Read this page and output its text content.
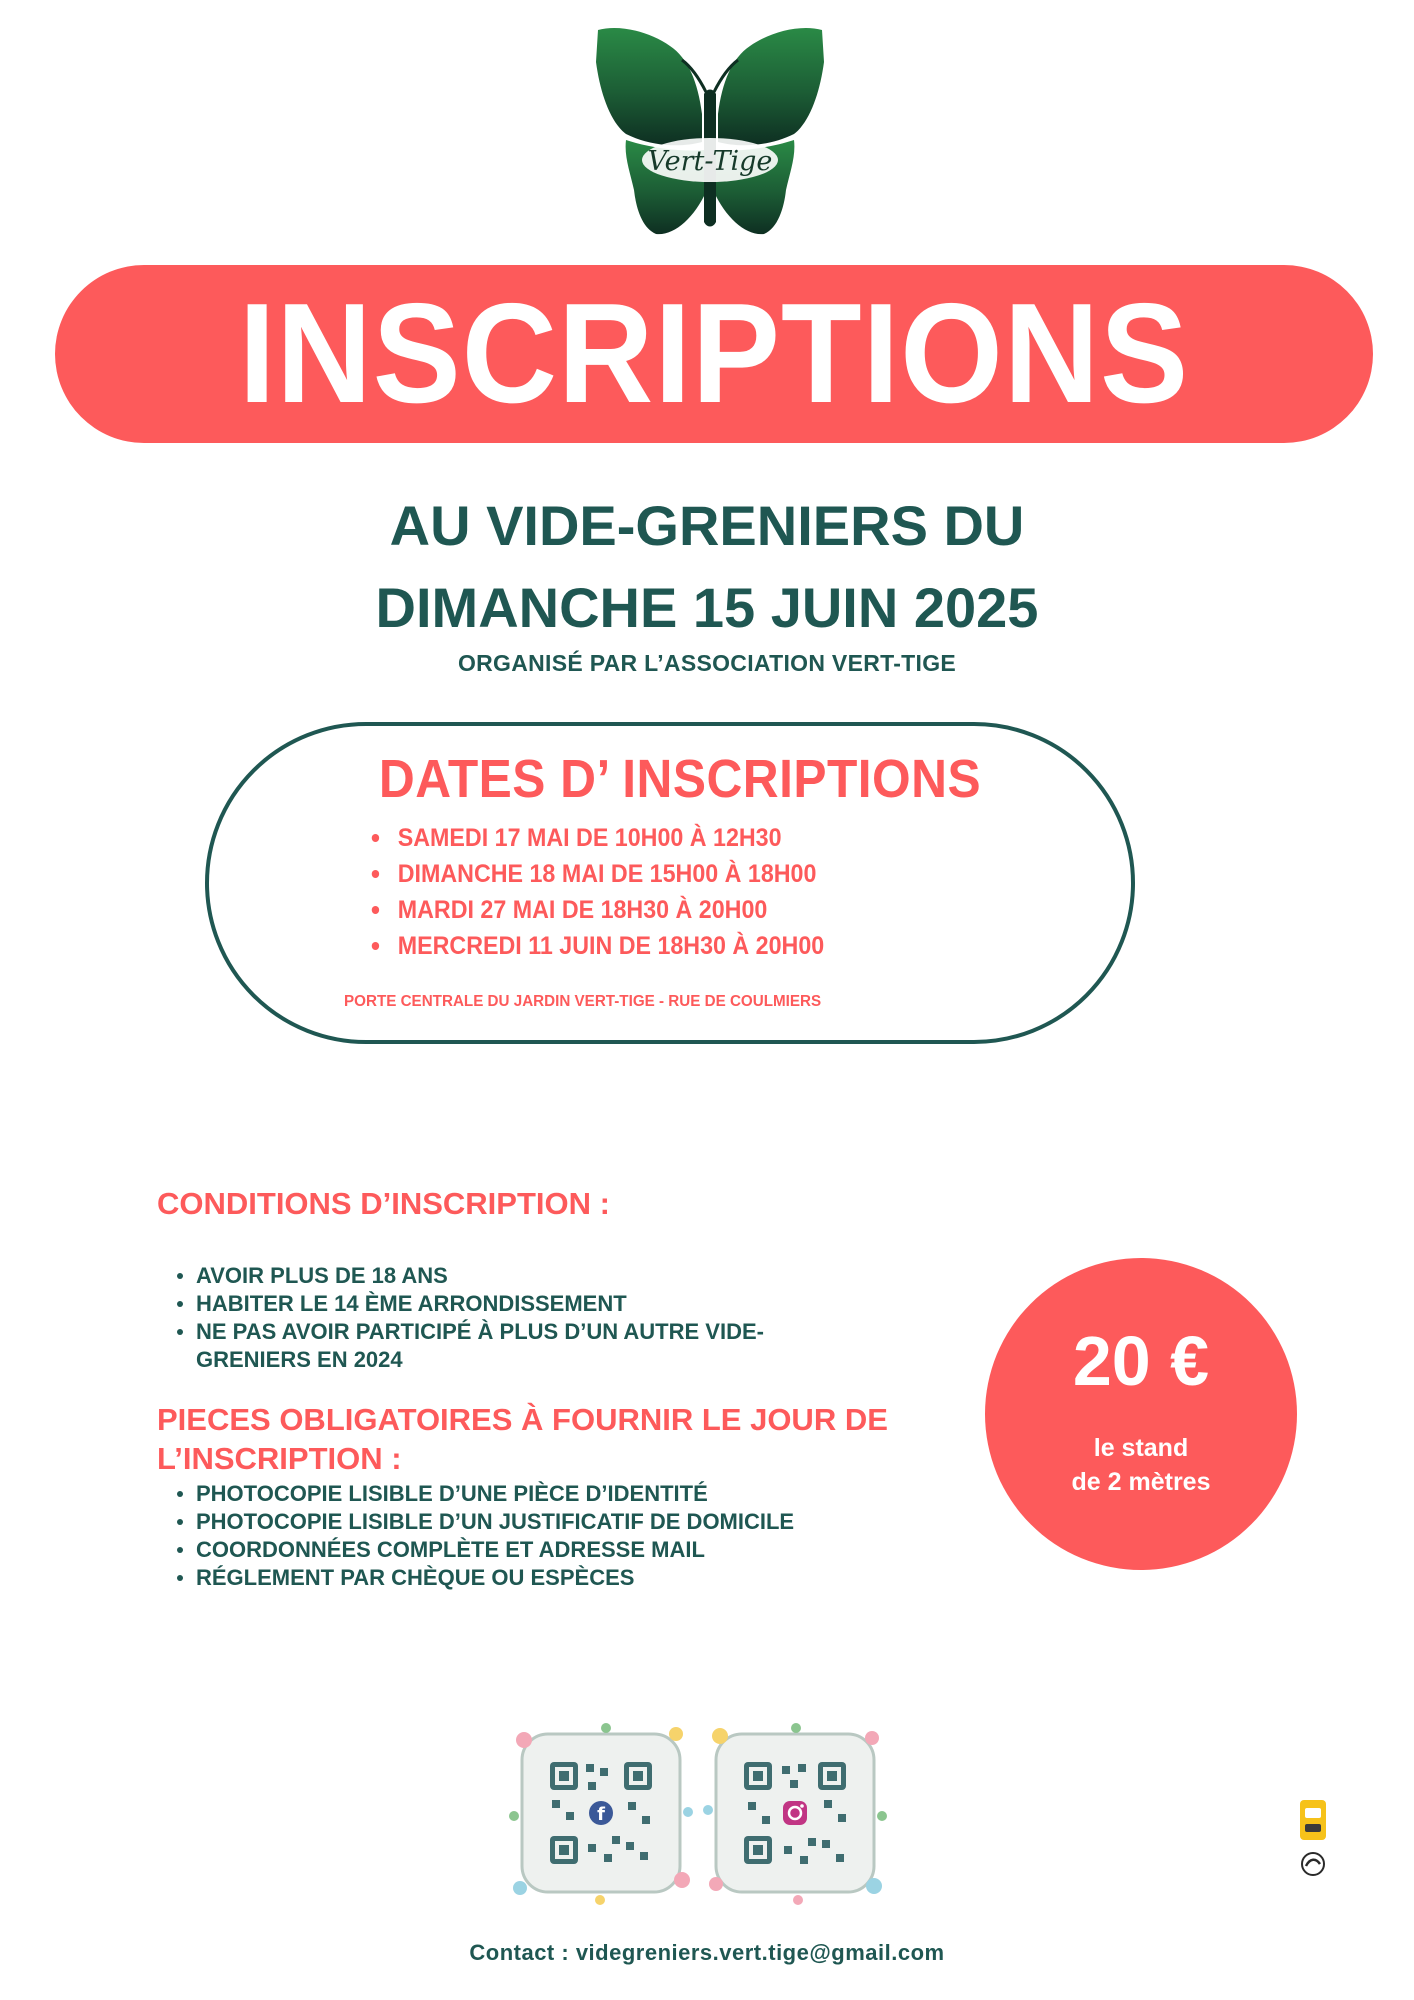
Vert-Tige
INSCRIPTIONS
AU VIDE-GRENIERS DU
DIMANCHE 15 JUIN 2025
ORGANISÉ PAR L’ASSOCIATION VERT-TIGE
DATES D’ INSCRIPTIONS
SAMEDI 17 MAI DE 10H00 À 12H30
DIMANCHE 18 MAI DE 15H00 À 18H00
MARDI 27 MAI DE 18H30 À 20H00
MERCREDI 11 JUIN DE 18H30 À 20H00
PORTE CENTRALE DU JARDIN VERT-TIGE - RUE DE COULMIERS
CONDITIONS D’INSCRIPTION :
AVOIR PLUS DE 18 ANS
HABITER LE 14 ÈME ARRONDISSEMENT
NE PAS AVOIR PARTICIPÉ À PLUS D’UN AUTRE VIDE-GRENIERS EN 2024
PIECES OBLIGATOIRES À FOURNIR LE JOUR DE L’INSCRIPTION :
PHOTOCOPIE LISIBLE D’UNE PIÈCE D’IDENTITÉ
PHOTOCOPIE LISIBLE D’UN JUSTIFICATIF DE DOMICILE
COORDONNÉES COMPLÈTE ET ADRESSE MAIL
RÉGLEMENT PAR CHÈQUE OU ESPÈCES
20 €
le stand
de 2 mètres
f
Contact : videgreniers.vert.tige@gmail.com
